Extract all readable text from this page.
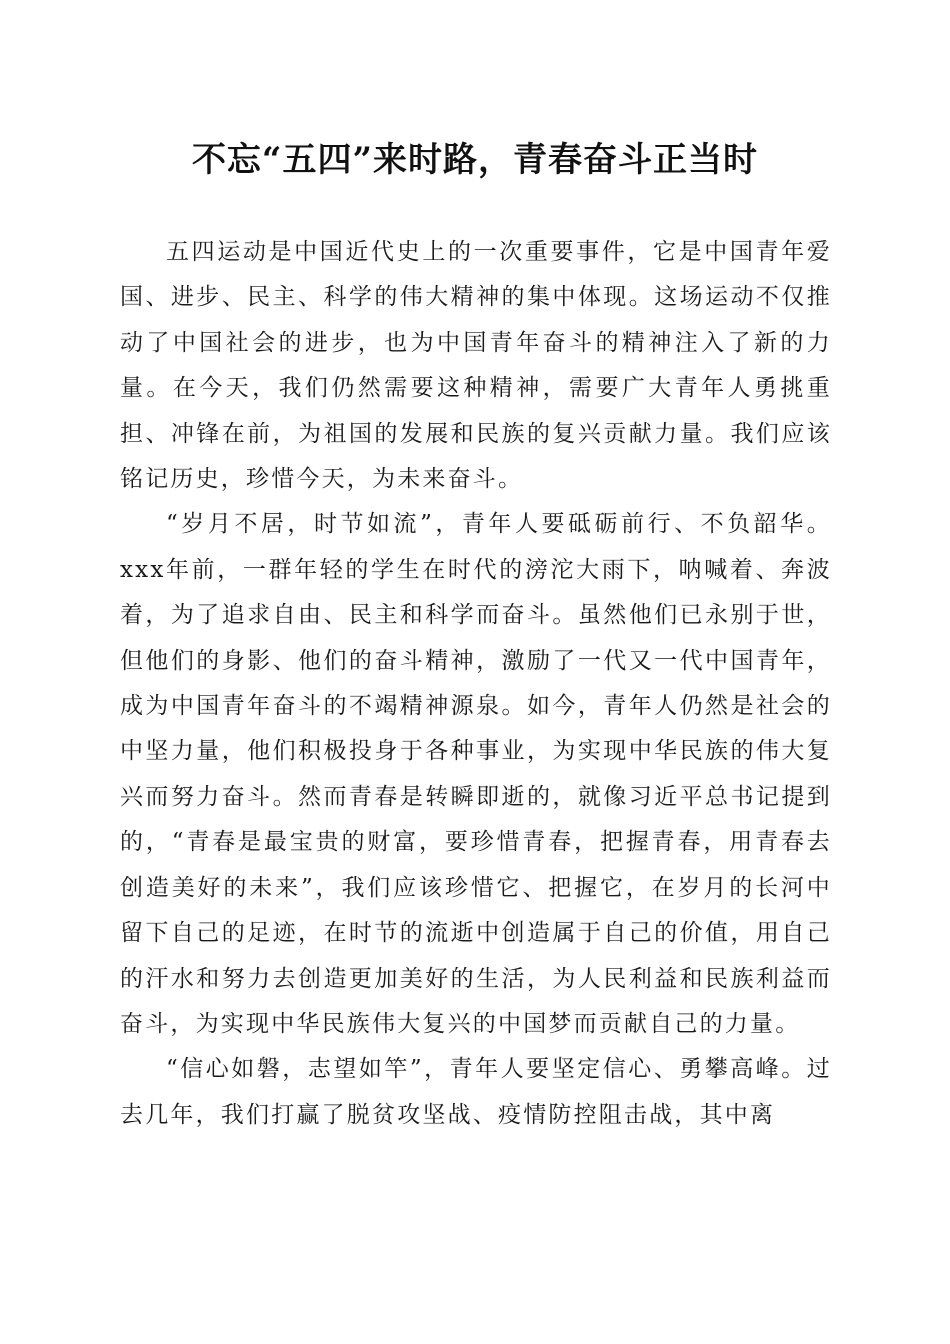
不忘“五四”来时路，青春奋斗正当时

五四运动是中国近代史上的一次重要事件，它是中国青年爱国、进步、民主、科学的伟大精神的集中体现。这场运动不仅推动了中国社会的进步，也为中国青年奋斗的精神注入了新的力量。在今天，我们仍然需要这种精神，需要广大青年人勇挑重担、冲锋在前，为祖国的发展和民族的复兴贡献力量。我们应该铭记历史，珍惜今天，为未来奋斗。

“岁月不居，时节如流”，青年人要砥砺前行、不负韶华。xxx年前，一群年轻的学生在时代的滂沱大雨下，呐喊着、奔波着，为了追求自由、民主和科学而奋斗。虽然他们已永别于世，但他们的身影、他们的奋斗精神，激励了一代又一代中国青年，成为中国青年奋斗的不竭精神源泉。如今，青年人仍然是社会的中坚力量，他们积极投身于各种事业，为实现中华民族的伟大复兴而努力奋斗。然而青春是转瞬即逝的，就像习近平总书记提到的，“青春是最宝贵的财富，要珍惜青春，把握青春，用青春去创造美好的未来”，我们应该珍惜它、把握它，在岁月的长河中留下自己的足迹，在时节的流逝中创造属于自己的价值，用自己的汗水和努力去创造更加美好的生活，为人民利益和民族利益而奋斗，为实现中华民族伟大复兴的中国梦而贡献自己的力量。

“信心如磐，志望如竿”，青年人要坚定信心、勇攀高峰。过去几年，我们打赢了脱贫攻坚战、疫情防控阻击战，其中离
